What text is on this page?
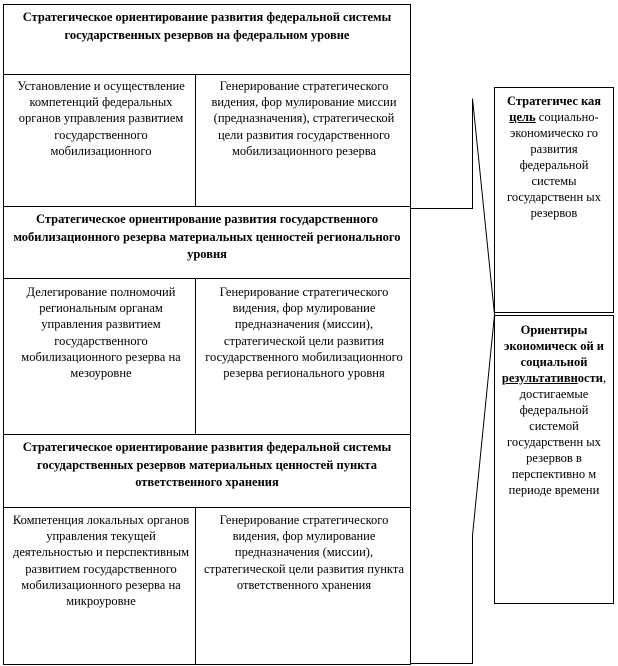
Стратегическое ориентирование развития федеральной системы государственных резервов на федеральном уровне
Установление и осуществление компетенций федеральных органов управления развитием государственного мобилизационного
Генерирование стратегического видения, фор мулирование миссии (предназначения), стратегической цели развития государственного мобилизационного резерва
Стратегическое ориентирование развития государственного мобилизационного резерва материальных ценностей регионального уровня
Делегирование полномочий региональным органам управления развитием государственного мобилизационного резерва на мезоуровне
Генерирование стратегического видения, фор мулирование предназначения (миссии), стратегической цели развития государственного мобилизационного резерва регионального уровня
Стратегическое ориентирование развития федеральной системы государственных резервов материальных ценностей пункта ответственного хранения
Компетенция локальных органов управления текущей деятельностью и перспективным развитием государственного мобилизационного резерва на микроуровне
Генерирование стратегического видения, фор мулирование предназначения (миссии), стратегической цели развития пункта ответственного хранения
Стратегичес кая цель социально-экономическо го развития федеральной системы государственн ых резервов
Ориентиры экономическ ой и социальной результативности, достигаемые федеральной системой государственн ых резервов в перспективно м периоде времени
